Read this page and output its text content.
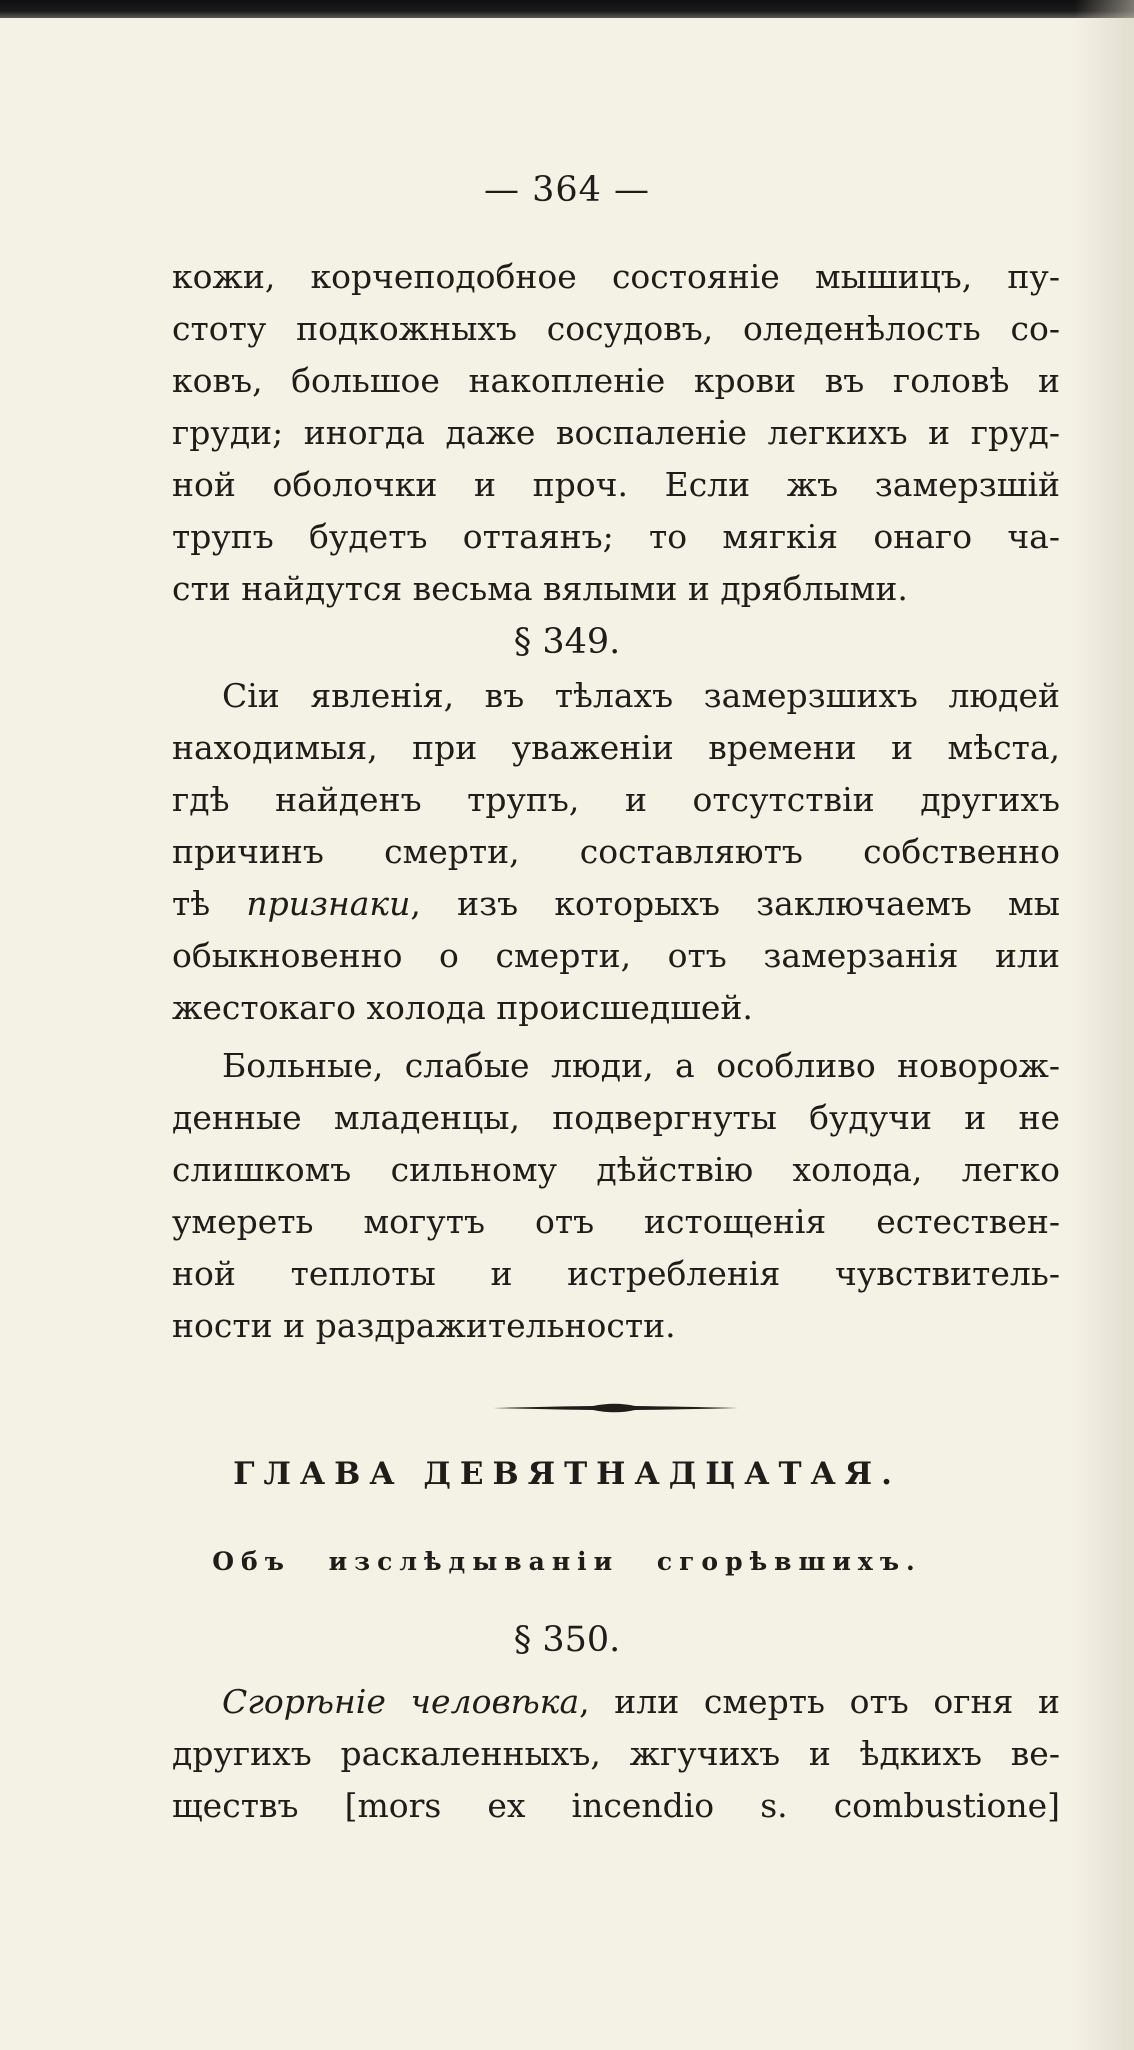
— 364 —
кожи, корчеподобное состояніе мышицъ, пу-
стоту подкожныхъ сосудовъ, оледенѣлость со-
ковъ, большое накопленіе крови въ головѣ и
груди; иногда даже воспаленіе легкихъ и груд-
ной оболочки и проч. Если жъ замерзшій
трупъ будетъ оттаянъ; то мягкія онаго ча-
сти найдутся весьма вялыми и дряблыми.
§ 349.
Сіи явленія, въ тѣлахъ замерзшихъ людей
находимыя, при уваженіи времени и мѣста,
гдѣ найденъ трупъ, и отсутствіи другихъ
причинъ смерти, составляютъ собственно
тѣ признаки, изъ которыхъ заключаемъ мы
обыкновенно о смерти, отъ замерзанія или
жестокаго холода происшедшей.
Больные, слабые люди, а особливо новорож-
денные младенцы, подвергнуты будучи и не
слишкомъ сильному дѣйствію холода, легко
умереть могутъ отъ истощенія естествен-
ной теплоты и истребленія чувствитель-
ности и раздражительности.
ГЛАВА ДЕВЯТНАДЦАТАЯ.
Объ изслѣдываніи сгорѣвшихъ.
§ 350.
Сгорѣніе человѣка, или смерть отъ огня и
другихъ раскаленныхъ, жгучихъ и ѣдкихъ ве-
ществъ [mors ex incendio s. combustione]
